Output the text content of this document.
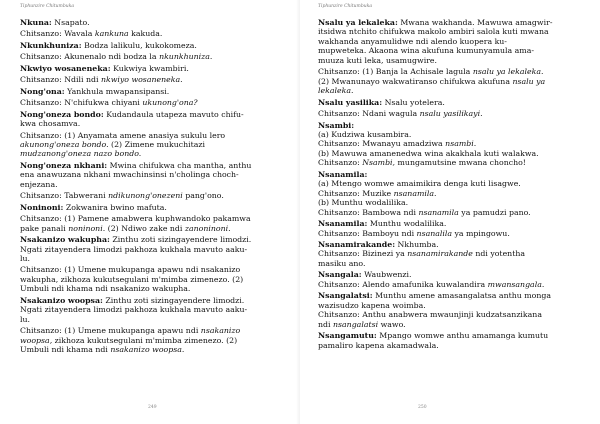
Tiphunzire Chitumbuka
Nkuna: Nsapato.
Chitsanzo: Wavala kankuna kakuda.
Nkunkhuniza: Bodza lalikulu, kukokomeza.
Chitsanzo: Akunenalo ndi bodza la nkunkhuniza.
Nkwiyo wosaneneka: Kukwiya kwambiri.
Chitsanzo: Ndili ndi nkwiyo wosaneneka.
Nong'ona: Yankhula mwapansipansi.
Chitsanzo: N'chifukwa chiyani ukunong'ona?
Nong'oneza bondo: Kudandaula utapeza mavuto chifu-
kwa chosamva.
Chitsanzo: (1) Anyamata amene anasiya sukulu lero
akunong'oneza bondo. (2) Zimene mukuchitazi
mudzanong'oneza nazo bondo.
Nong'oneza nkhani: Mwina chifukwa cha mantha, anthu
ena anawuzana nkhani mwachinsinsi n'cholinga choch-
enjezana.
Chitsanzo: Tabwerani ndikunong'onezeni pang'ono.
Noninoni: Zokwanira bwino mafuta.
Chitsanzo: (1) Pamene amabwera kuphwandoko pakamwa
pake panali noninoni. (2) Ndiwo zake ndi zanoninoni.
Nsakanizo wakupha: Zinthu zoti sizingayendere limodzi.
Ngati zitayendera limodzi pakhoza kukhala mavuto aaku-
lu.
Chitsanzo: (1) Umene mukupanga apawu ndi nsakanizo
wakupha, zikhoza kukutsegulani m'mimba zimenezo. (2)
Umbuli ndi khama ndi nsakanizo wakupha.
Nsakanizo woopsa: Zinthu zoti sizingayendere limodzi.
Ngati zitayendera limodzi pakhoza kukhala mavuto aaku-
lu.
Chitsanzo: (1) Umene mukupanga apawu ndi nsakanizo
woopsa, zikhoza kukutsegulani m'mimba zimenezo. (2)
Umbuli ndi khama ndi nsakanizo woopsa.
249
Tiphunzire Chitumbuka
Nsalu ya lekaleka: Mwana wakhanda. Mawuwa amagwir-
itsidwa ntchito chifukwa makolo ambiri salola kuti mwana
wakhanda anyamulidwe ndi alendo kuopera ku-
mupweteka. Akaona wina akufuna kumunyamula ama-
muuza kuti leka, usamugwire.
Chitsanzo: (1) Banja la Achisale lagula nsalu ya lekaleka.
(2) Mwanunayo wakwatiranso chifukwa akufuna nsalu ya
lekaleka.
Nsalu yasilika: Nsalu yotelera.
Chitsanzo: Ndani wagula nsalu yasilikayi.
Nsambi:
(a) Kudziwa kusambira.
Chitsanzo: Mwanayu amadziwa nsambi.
(b) Mawuwa amanenedwa wina akakhala kuti walakwa.
Chitsanzo: Nsambi, mungamutsine mwana choncho!
Nsanamila:
(a) Mtengo womwe amaimikira denga kuti lisagwe.
Chitsanzo: Muzike nsanamila.
(b) Munthu wodalilika.
Chitsanzo: Bambowa ndi nsanamila ya pamudzi pano.
Nsanamila: Munthu wodalilika.
Chitsanzo: Bamboyu ndi nsanalila ya mpingowu.
Nsanamirakande: Nkhumba.
Chitsanzo: Bizinezi ya nsanamirakande ndi yotentha
masiku ano.
Nsangala: Waubwenzi.
Chitsanzo: Alendo amafunika kuwalandira mwansangala.
Nsangalatsi: Munthu amene amasangalatsa anthu monga
wazisudzo kapena woimba.
Chitsanzo: Anthu anabwera mwaunjinji kudzatsanzikana
ndi nsangalatsi wawo.
Nsangamutu: Mpango womwe anthu amamanga kumutu
pamaliro kapena akamadwala.
250
